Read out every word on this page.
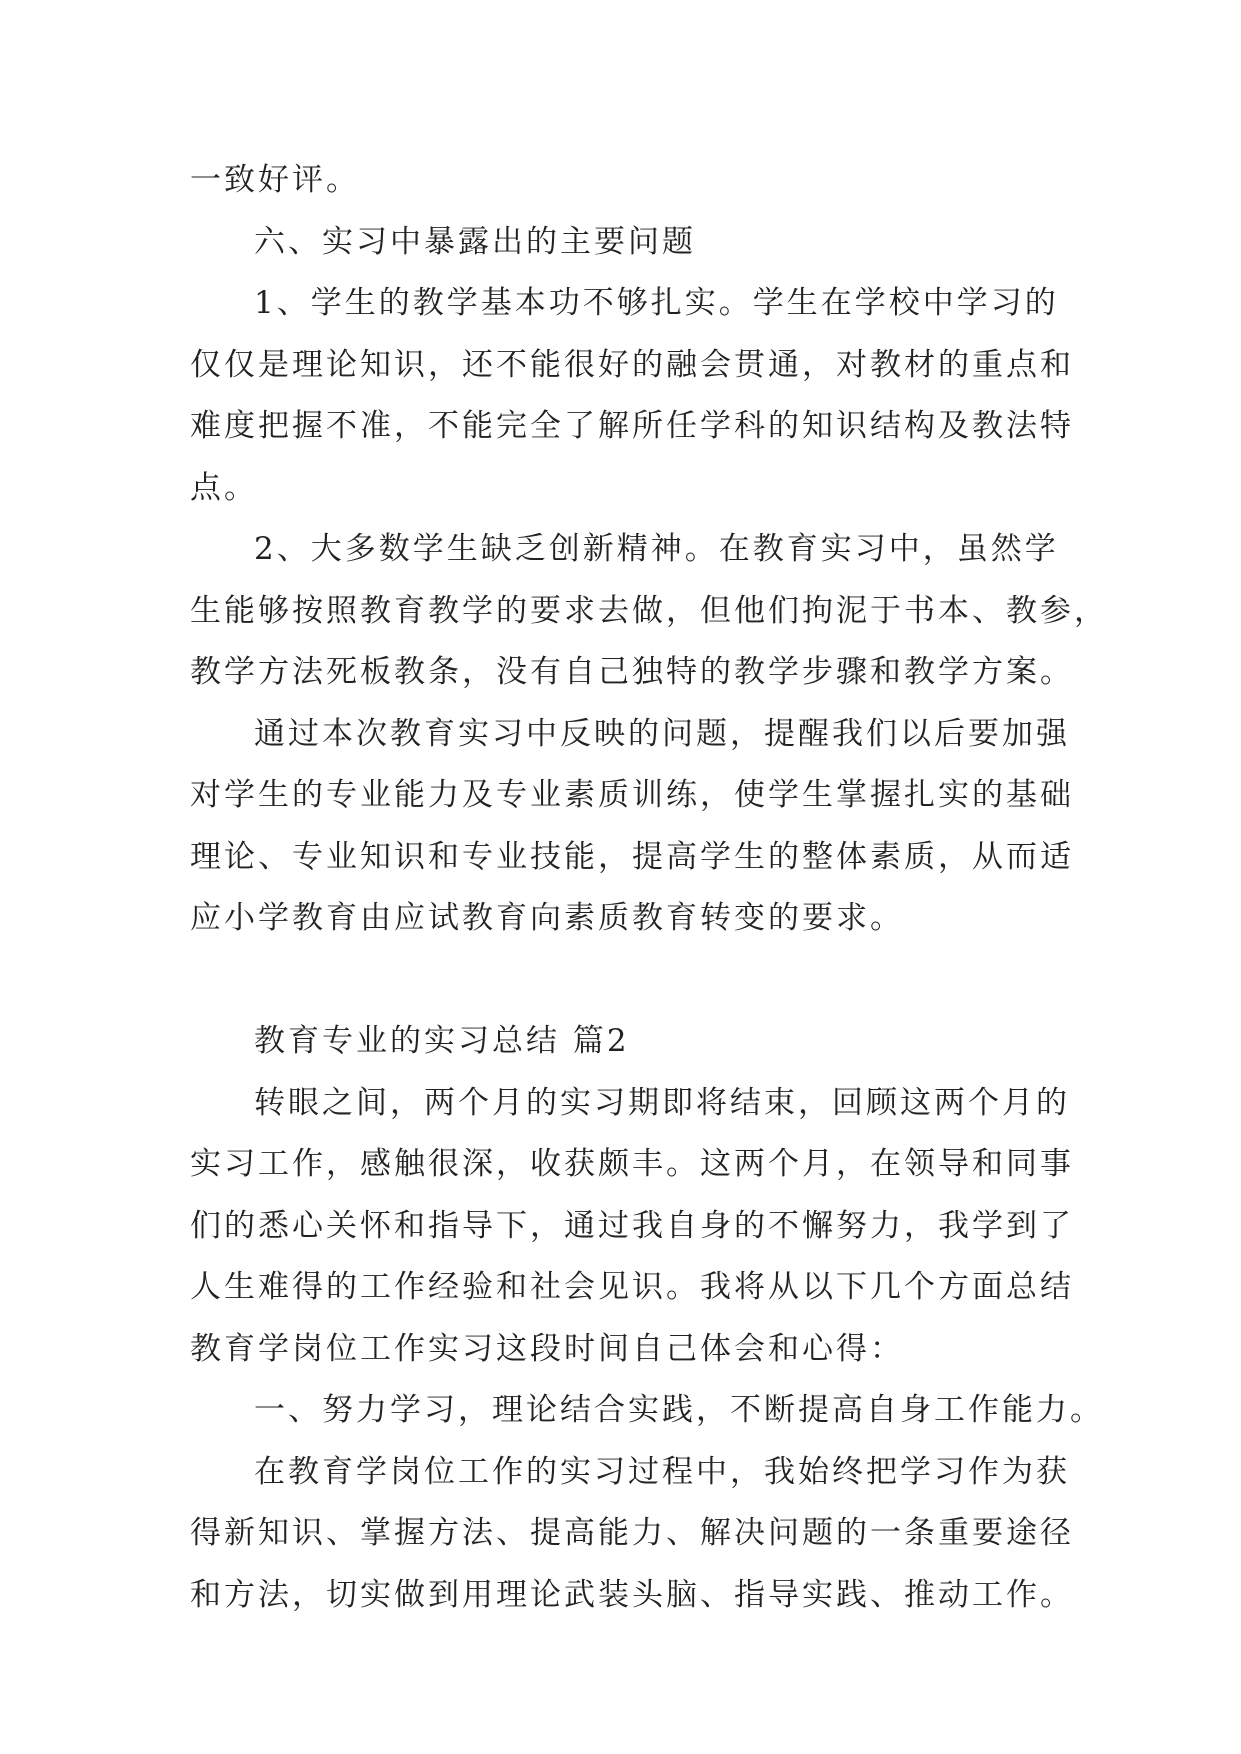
一致好评。
六、实习中暴露出的主要问题
1、学生的教学基本功不够扎实。学生在学校中学习的
仅仅是理论知识，还不能很好的融会贯通，对教材的重点和
难度把握不准，不能完全了解所任学科的知识结构及教法特
点。
2、大多数学生缺乏创新精神。在教育实习中，虽然学
生能够按照教育教学的要求去做，但他们拘泥于书本、教参，
教学方法死板教条，没有自己独特的教学步骤和教学方案。
通过本次教育实习中反映的问题，提醒我们以后要加强
对学生的专业能力及专业素质训练，使学生掌握扎实的基础
理论、专业知识和专业技能，提高学生的整体素质，从而适
应小学教育由应试教育向素质教育转变的要求。
教育专业的实习总结 篇2
转眼之间，两个月的实习期即将结束，回顾这两个月的
实习工作，感触很深，收获颇丰。这两个月，在领导和同事
们的悉心关怀和指导下，通过我自身的不懈努力，我学到了
人生难得的工作经验和社会见识。我将从以下几个方面总结
教育学岗位工作实习这段时间自己体会和心得：
一、努力学习，理论结合实践，不断提高自身工作能力。
在教育学岗位工作的实习过程中，我始终把学习作为获
得新知识、掌握方法、提高能力、解决问题的一条重要途径
和方法，切实做到用理论武装头脑、指导实践、推动工作。
